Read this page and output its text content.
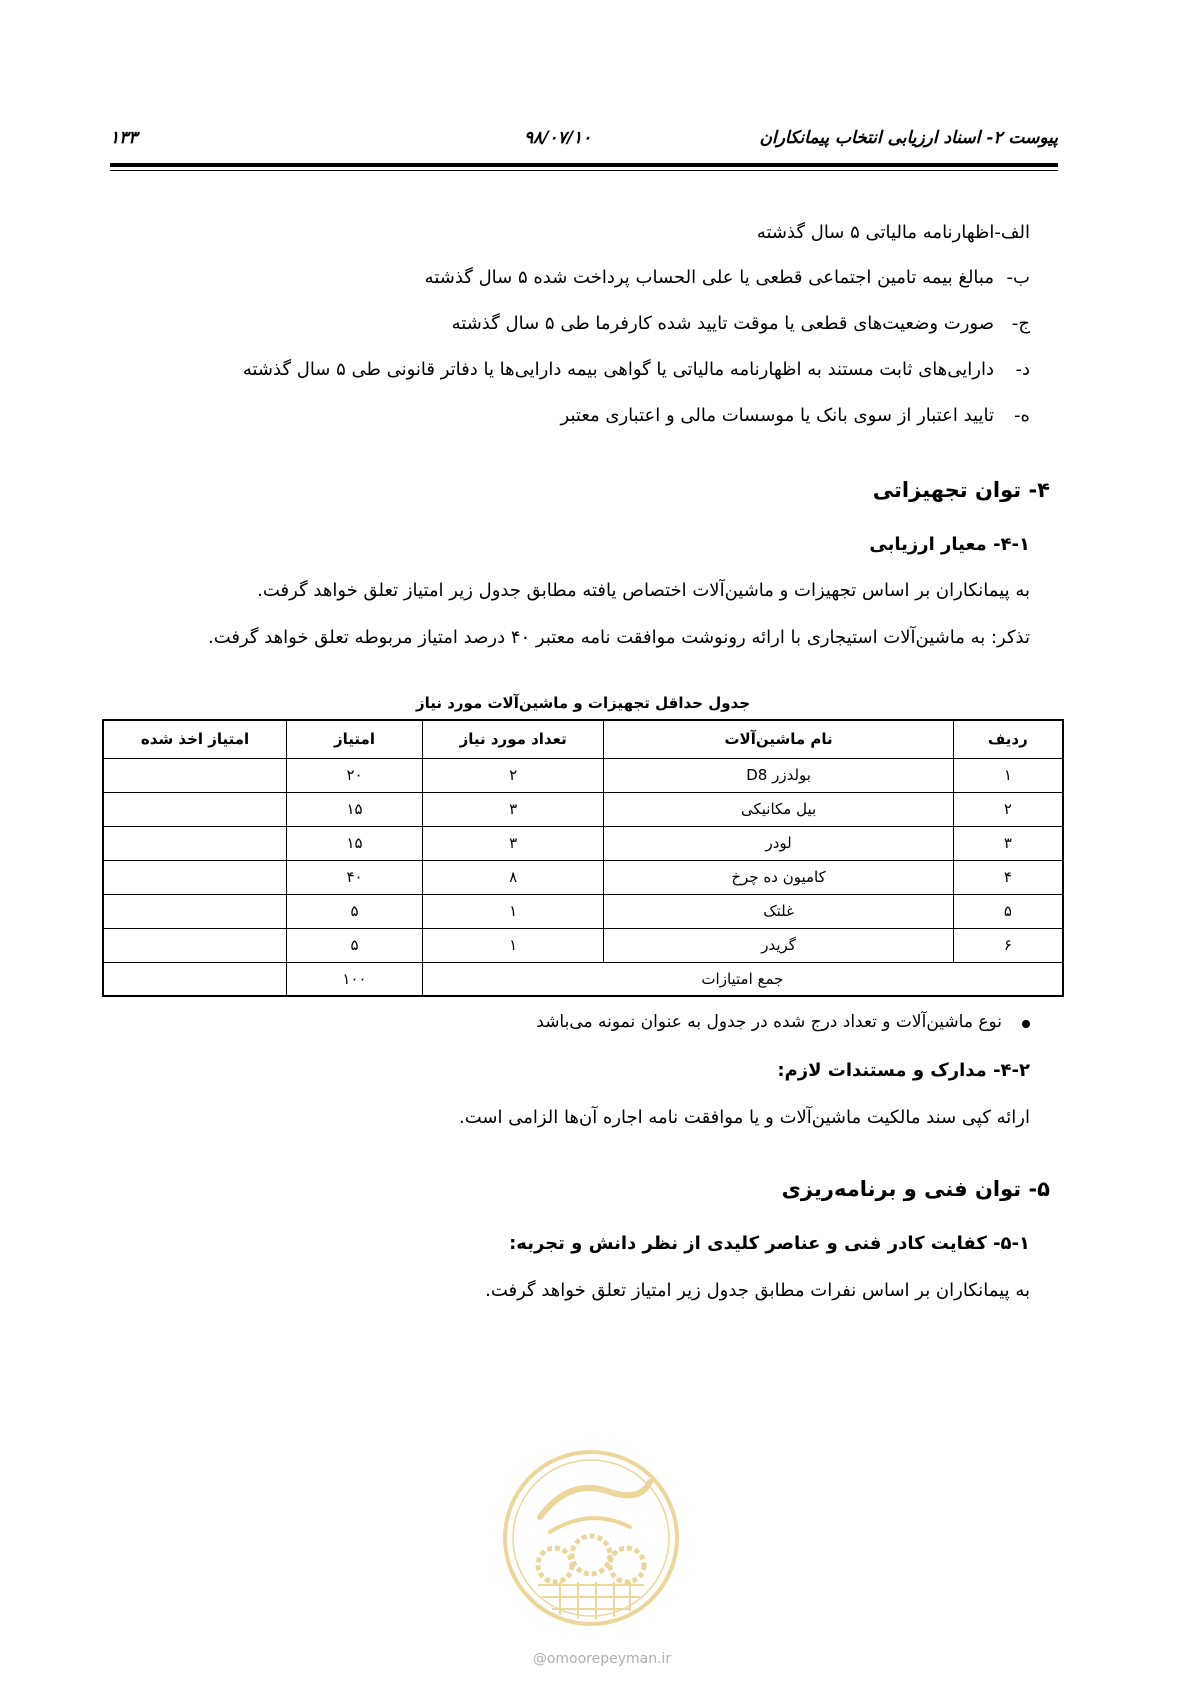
پیوست ۲- اسناد ارزیابی انتخاب پیمانکاران
۹۸/۰۷/۱۰
۱۳۳
الف-
اظهارنامه مالیاتی ۵ سال گذشته
ب-
مبالغ بیمه تامین اجتماعی قطعی یا علی الحساب پرداخت شده ۵ سال گذشته
ج-
صورت وضعیت‌های قطعی یا موقت تایید شده کارفرما طی ۵ سال گذشته
د-
دارایی‌های ثابت مستند به اظهارنامه مالیاتی یا گواهی بیمه دارایی‌ها یا دفاتر قانونی طی ۵ سال گذشته
ه-
تایید اعتبار از سوی بانک یا موسسات مالی و اعتباری معتبر
۴- توان تجهیزاتی
۴-۱- معیار ارزیابی
به پیمانکاران بر اساس تجهیزات و ماشین‌آلات اختصاص یافته مطابق جدول زیر امتیاز تعلق خواهد گرفت.
تذکر: به ماشین‌آلات استیجاری با ارائه رونوشت موافقت نامه معتبر ۴۰ درصد امتیاز مربوطه تعلق خواهد گرفت.
جدول حداقل تجهیزات و ماشین‌آلات مورد نیاز
ردیف	نام ماشین‌آلات	تعداد مورد نیاز	امتیاز	امتیاز اخذ شده
۱	بولدزر D8	۲	۲۰	
۲	بیل مکانیکی	۳	۱۵	
۳	لودر	۳	۱۵	
۴	کامیون ده چرخ	۸	۴۰	
۵	غلتک	۱	۵	
۶	گریدر	۱	۵	
جمع امتیازات			۱۰۰	
نوع ماشین‌آلات و تعداد درج شده در جدول به عنوان نمونه می‌باشد
۴-۲- مدارک و مستندات لازم:
ارائه کپی سند مالکیت ماشین‌آلات و یا موافقت نامه اجاره آن‌ها الزامی است.
۵- توان فنی و برنامه‌ریزی
۵-۱- کفایت کادر فنی و عناصر کلیدی از نظر دانش و تجربه:
به پیمانکاران بر اساس نفرات مطابق جدول زیر امتیاز تعلق خواهد گرفت.
@omoorepeyman.ir
